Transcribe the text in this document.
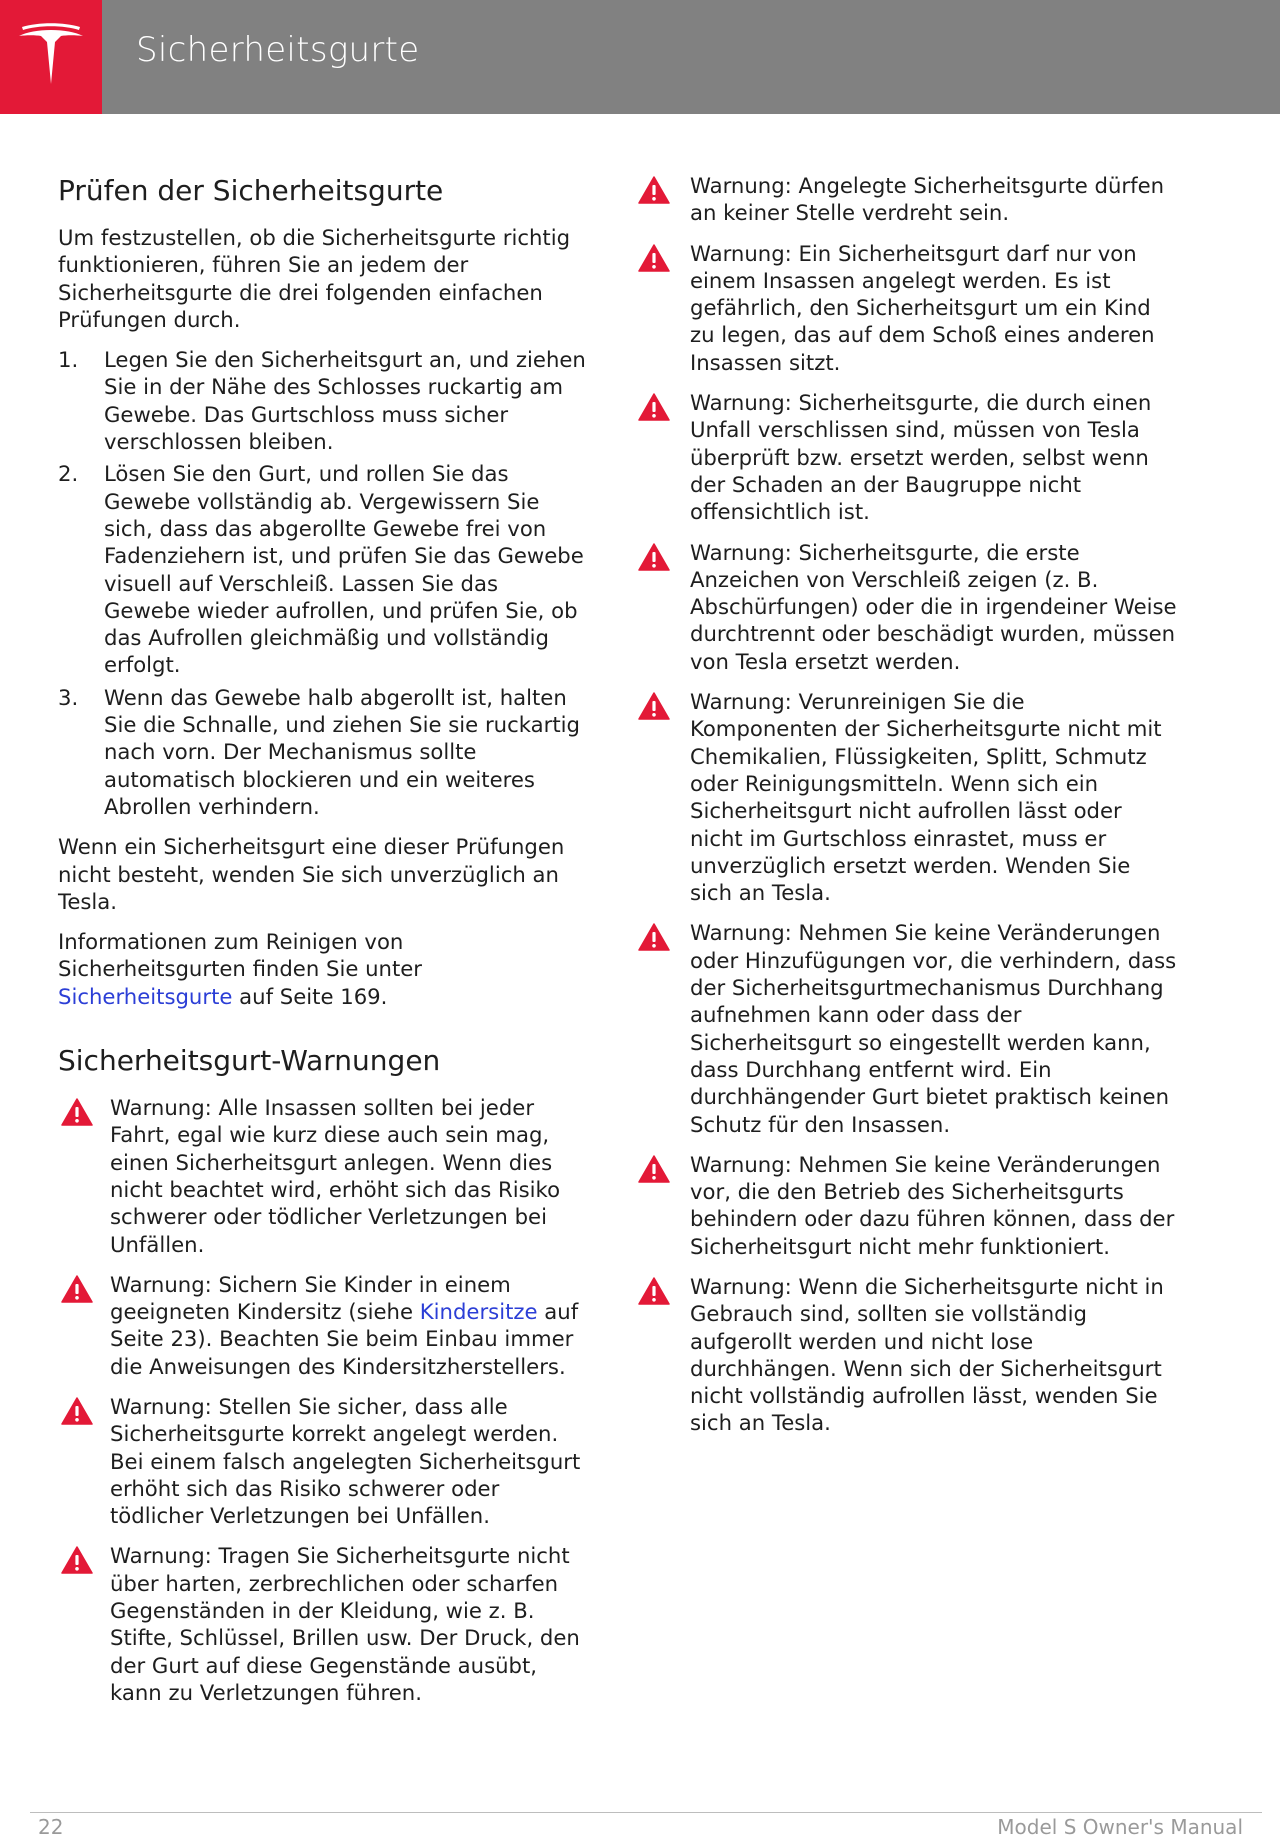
Sicherheitsgurte
Prüfen der Sicherheitsgurte

Um festzustellen, ob die Sicherheitsgurte richtig funktionieren, führen Sie an jedem der Sicherheitsgurte die drei folgenden einfachen Prüfungen durch.

1.	Legen Sie den Sicherheitsgurt an, und ziehen Sie in der Nähe des Schlosses ruckartig am Gewebe. Das Gurtschloss muss sicher verschlossen bleiben.
2.	Lösen Sie den Gurt, und rollen Sie das Gewebe vollständig ab. Vergewissern Sie sich, dass das abgerollte Gewebe frei von Fadenziehern ist, und prüfen Sie das Gewebe visuell auf Verschleiß. Lassen Sie das Gewebe wieder aufrollen, und prüfen Sie, ob das Aufrollen gleichmäßig und vollständig erfolgt.
3.	Wenn das Gewebe halb abgerollt ist, halten Sie die Schnalle, und ziehen Sie sie ruckartig nach vorn. Der Mechanismus sollte automatisch blockieren und ein weiteres Abrollen verhindern.

Wenn ein Sicherheitsgurt eine dieser Prüfungen nicht besteht, wenden Sie sich unverzüglich an Tesla.

Informationen zum Reinigen von Sicherheitsgurten finden Sie unter Sicherheitsgurte auf Seite 169.

Sicherheitsgurt-Warnungen
Warnung: Alle Insassen sollten bei jeder Fahrt, egal wie kurz diese auch sein mag, einen Sicherheitsgurt anlegen. Wenn dies nicht beachtet wird, erhöht sich das Risiko schwerer oder tödlicher Verletzungen bei Unfällen.
Warnung: Sichern Sie Kinder in einem geeigneten Kindersitz (siehe Kindersitze auf Seite 23). Beachten Sie beim Einbau immer die Anweisungen des Kindersitzherstellers.
Warnung: Stellen Sie sicher, dass alle Sicherheitsgurte korrekt angelegt werden. Bei einem falsch angelegten Sicherheitsgurt erhöht sich das Risiko schwerer oder tödlicher Verletzungen bei Unfällen.
Warnung: Tragen Sie Sicherheitsgurte nicht über harten, zerbrechlichen oder scharfen Gegenständen in der Kleidung, wie z. B. Stifte, Schlüssel, Brillen usw. Der Druck, den der Gurt auf diese Gegenstände ausübt, kann zu Verletzungen führen.
Warnung: Angelegte Sicherheitsgurte dürfen an keiner Stelle verdreht sein.
Warnung: Ein Sicherheitsgurt darf nur von einem Insassen angelegt werden. Es ist gefährlich, den Sicherheitsgurt um ein Kind zu legen, das auf dem Schoß eines anderen Insassen sitzt.
Warnung: Sicherheitsgurte, die durch einen Unfall verschlissen sind, müssen von Tesla überprüft bzw. ersetzt werden, selbst wenn der Schaden an der Baugruppe nicht offensichtlich ist.
Warnung: Sicherheitsgurte, die erste Anzeichen von Verschleiß zeigen (z. B. Abschürfungen) oder die in irgendeiner Weise durchtrennt oder beschädigt wurden, müssen von Tesla ersetzt werden.
Warnung: Verunreinigen Sie die Komponenten der Sicherheitsgurte nicht mit Chemikalien, Flüssigkeiten, Splitt, Schmutz oder Reinigungsmitteln. Wenn sich ein Sicherheitsgurt nicht aufrollen lässt oder nicht im Gurtschloss einrastet, muss er unverzüglich ersetzt werden. Wenden Sie sich an Tesla.
Warnung: Nehmen Sie keine Veränderungen oder Hinzufügungen vor, die verhindern, dass der Sicherheitsgurtmechanismus Durchhang aufnehmen kann oder dass der Sicherheitsgurt so eingestellt werden kann, dass Durchhang entfernt wird. Ein durchhängender Gurt bietet praktisch keinen Schutz für den Insassen.
Warnung: Nehmen Sie keine Veränderungen vor, die den Betrieb des Sicherheitsgurts behindern oder dazu führen können, dass der Sicherheitsgurt nicht mehr funktioniert.
Warnung: Wenn die Sicherheitsgurte nicht in Gebrauch sind, sollten sie vollständig aufgerollt werden und nicht lose durchhängen. Wenn sich der Sicherheitsgurt nicht vollständig aufrollen lässt, wenden Sie sich an Tesla.
22	Model S Owner's Manual
